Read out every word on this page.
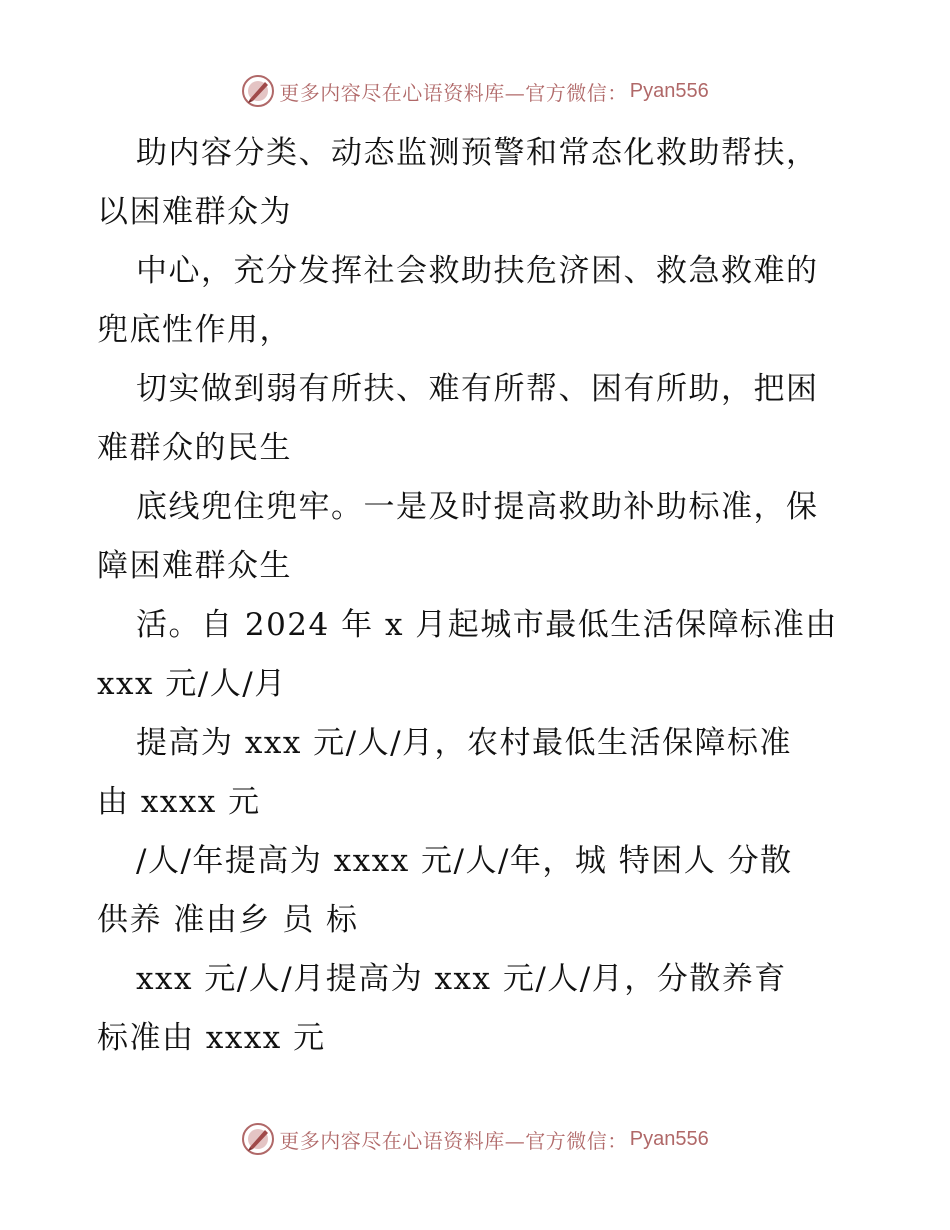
更多内容尽在心语资料库—官方微信： Pyan556
助内容分类、动态监测预警和常态化救助帮扶，
以困难群众为
中心，充分发挥社会救助扶危济困、救急救难的
兜底性作用，
切实做到弱有所扶、难有所帮、困有所助，把困
难群众的民生
底线兜住兜牢。一是及时提高救助补助标准，保
障困难群众生
活。自 2024 年 x 月起城市最低生活保障标准由
xxx 元/人/月
提高为 xxx 元/人/月，农村最低生活保障标准
由 xxxx 元
/人/年提高为 xxxx 元/人/年，城 特困人 分散
供养 准由乡 员 标
xxx 元/人/月提高为 xxx 元/人/月，分散养育
标准由 xxxx 元
更多内容尽在心语资料库—官方微信： Pyan556
